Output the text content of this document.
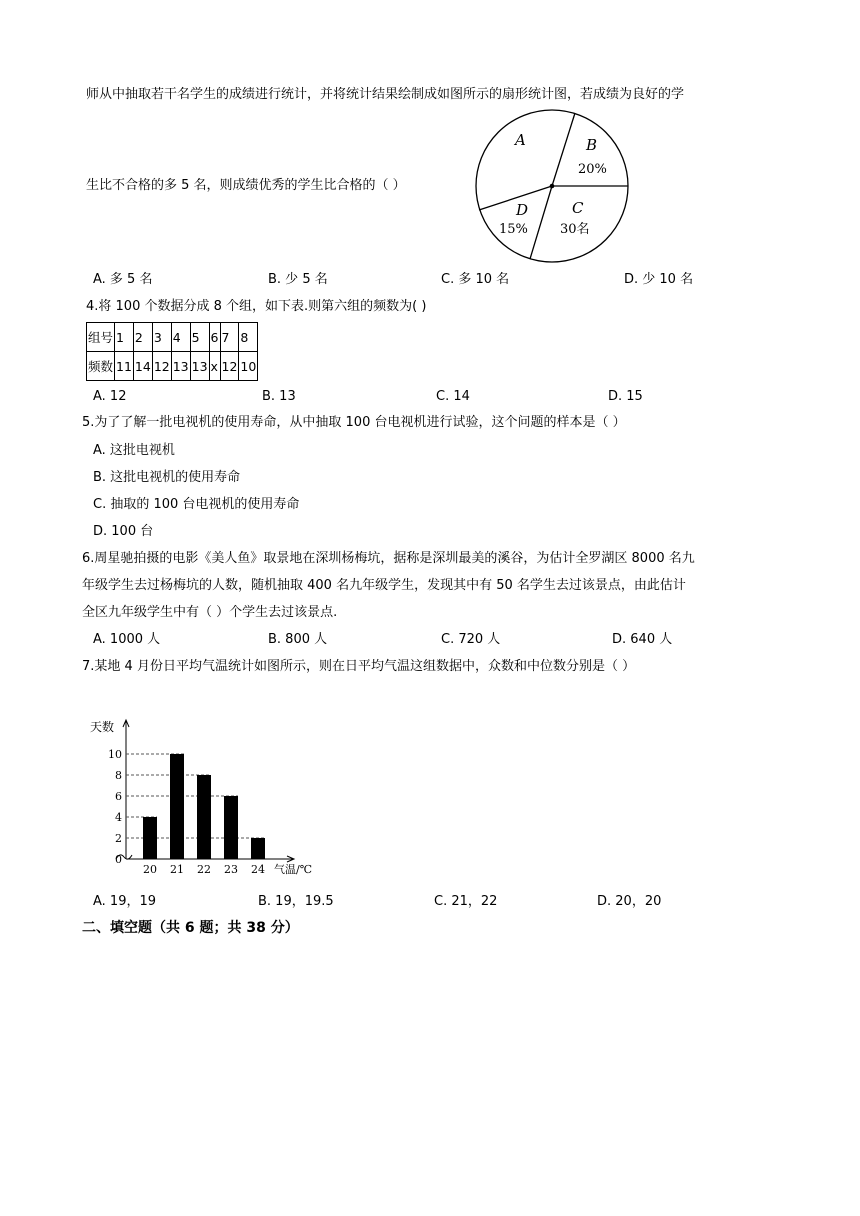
师从中抽取若干名学生的成绩进行统计，并将统计结果绘制成如图所示的扇形统计图，若成绩为良好的学
生比不合格的多 5 名，则成绩优秀的学生比合格的（ ）
A	B
20%
C
30名
D
15%
A. 多 5 名	B. 少 5 名	C. 多 10 名	D. 少 10 名
4.将 100 个数据分成 8 个组，如下表.则第六组的频数为( )
组号	1	2	3	4	5	6	7	8
频数	11	14	12	13	13	x	12	10
A. 12	B. 13	C. 14	D. 15
5.为了了解一批电视机的使用寿命，从中抽取 100 台电视机进行试验，这个问题的样本是（ ）
A. 这批电视机
B. 这批电视机的使用寿命
C. 抽取的 100 台电视机的使用寿命
D. 100 台
6.周星驰拍摄的电影《美人鱼》取景地在深圳杨梅坑，据称是深圳最美的溪谷，为估计全罗湖区 8000 名九
年级学生去过杨梅坑的人数，随机抽取 400 名九年级学生，发现其中有 50 名学生去过该景点，由此估计
全区九年级学生中有（ ）个学生去过该景点.
A. 1000 人	B. 800 人	C. 720 人	D. 640 人
7.某地 4 月份日平均气温统计如图所示，则在日平均气温这组数据中，众数和中位数分别是（ ）
0
2
4
6
8
10
20 21 22 23 24
天数
气温/℃
A. 19，19	B. 19，19.5	C. 21，22	D. 20，20
二、填空题（共 6 题；共 38 分）
